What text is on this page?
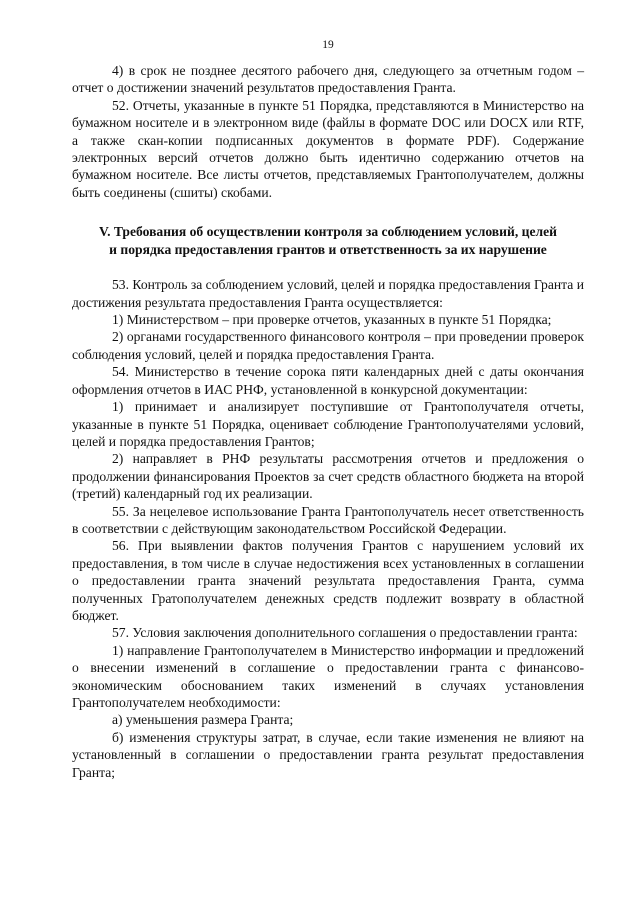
19

4) в срок не позднее десятого рабочего дня, следующего за отчетным годом – отчет о достижении значений результатов предоставления Гранта.

52. Отчеты, указанные в пункте 51 Порядка, представляются в Министерство на бумажном носителе и в электронном виде (файлы в формате DOC или DOCX или RTF, а также скан-копии подписанных документов в формате PDF). Содержание электронных версий отчетов должно быть идентично содержанию отчетов на бумажном носителе. Все листы отчетов, представляемых Грантополучателем, должны быть соединены (сшиты) скобами.

V. Требования об осуществлении контроля за соблюдением условий, целей
и порядка предоставления грантов и ответственность за их нарушение

53. Контроль за соблюдением условий, целей и порядка предоставления Гранта и достижения результата предоставления Гранта осуществляется:

1) Министерством – при проверке отчетов, указанных в пункте 51 Порядка;

2) органами государственного финансового контроля – при проведении проверок соблюдения условий, целей и порядка предоставления Гранта.

54. Министерство в течение сорока пяти календарных дней с даты окончания оформления отчетов в ИАС РНФ, установленной в конкурсной документации:

1) принимает и анализирует поступившие от Грантополучателя отчеты, указанные в пункте 51 Порядка, оценивает соблюдение Грантополучателями условий, целей и порядка предоставления Грантов;

2) направляет в РНФ результаты рассмотрения отчетов и предложения о продолжении финансирования Проектов за счет средств областного бюджета на второй (третий) календарный год их реализации.

55. За нецелевое использование Гранта Грантополучатель несет ответственность в соответствии с действующим законодательством Российской Федерации.

56. При выявлении фактов получения Грантов с нарушением условий их предоставления, в том числе в случае недостижения всех установленных в соглашении о предоставлении гранта значений результата предоставления Гранта, сумма полученных Гратополучателем денежных средств подлежит возврату в областной бюджет.

57. Условия заключения дополнительного соглашения о предоставлении гранта:

1) направление Грантополучателем в Министерство информации и предложений о внесении изменений в соглашение о предоставлении гранта с финансово-экономическим обоснованием таких изменений в случаях установления Грантополучателем необходимости:

а) уменьшения размера Гранта;

б) изменения структуры затрат, в случае, если такие изменения не влияют на установленный в соглашении о предоставлении гранта результат предоставления Гранта;
